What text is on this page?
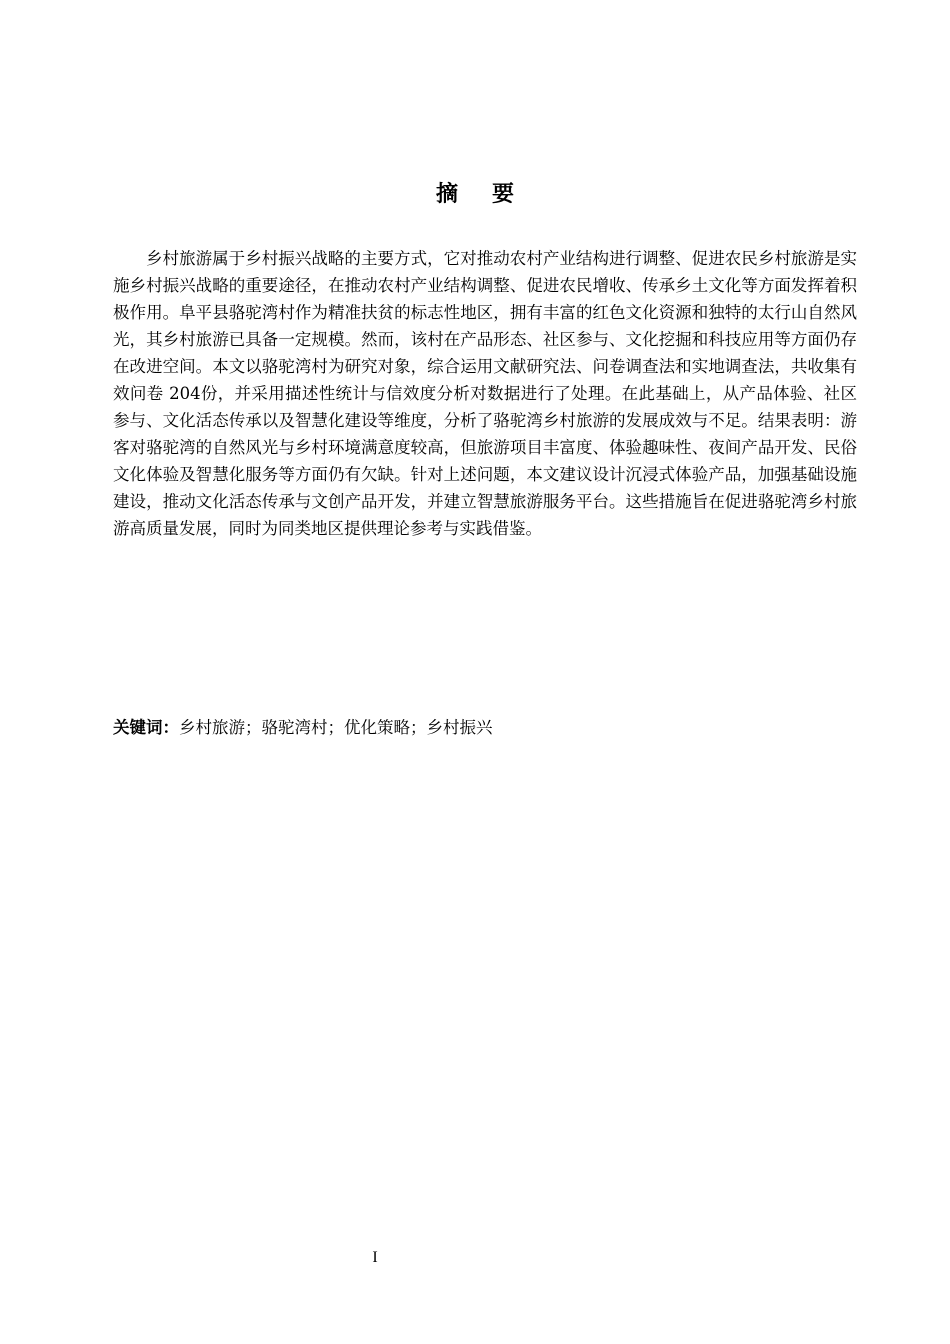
摘要

乡村旅游属于乡村振兴战略的主要方式，它对推动农村产业结构进行调整、促进农民乡村旅游是实施乡村振兴战略的重要途径，在推动农村产业结构调整、促进农民增收、传承乡土文化等方面发挥着积极作用。阜平县骆驼湾村作为精准扶贫的标志性地区，拥有丰富的红色文化资源和独特的太行山自然风光，其乡村旅游已具备一定规模。然而，该村在产品形态、社区参与、文化挖掘和科技应用等方面仍存在改进空间。本文以骆驼湾村为研究对象，综合运用文献研究法、问卷调查法和实地调查法，共收集有效问卷 204份，并采用描述性统计与信效度分析对数据进行了处理。在此基础上，从产品体验、社区参与、文化活态传承以及智慧化建设等维度，分析了骆驼湾乡村旅游的发展成效与不足。结果表明：游客对骆驼湾的自然风光与乡村环境满意度较高，但旅游项目丰富度、体验趣味性、夜间产品开发、民俗文化体验及智慧化服务等方面仍有欠缺。针对上述问题，本文建议设计沉浸式体验产品，加强基础设施建设，推动文化活态传承与文创产品开发，并建立智慧旅游服务平台。这些措施旨在促进骆驼湾乡村旅游高质量发展，同时为同类地区提供理论参考与实践借鉴。

关键词：乡村旅游；骆驼湾村；优化策略；乡村振兴
I
